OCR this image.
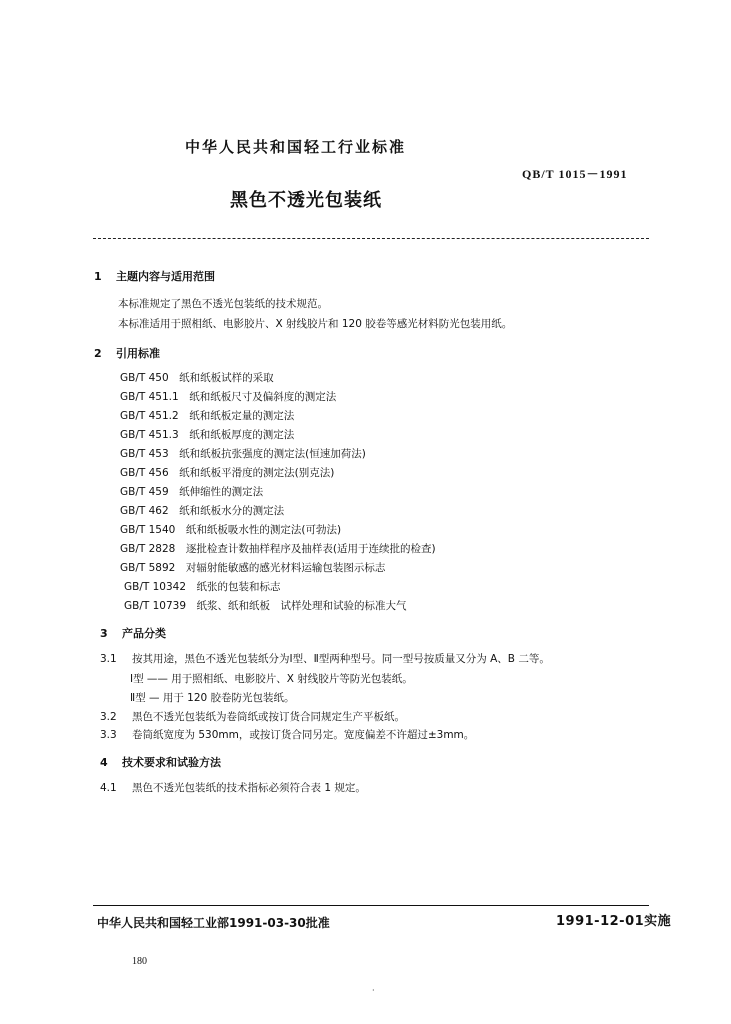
中华人民共和国轻工行业标准
QB/T 1015－1991
黑色不透光包装纸
1 主题内容与适用范围
本标准规定了黑色不透光包装纸的技术规范。
本标准适用于照相纸、电影胶片、X 射线胶片和 120 胶卷等感光材料防光包装用纸。
2 引用标准
GB/T 450　纸和纸板试样的采取
GB/T 451.1　纸和纸板尺寸及偏斜度的测定法
GB/T 451.2　纸和纸板定量的测定法
GB/T 451.3　纸和纸板厚度的测定法
GB/T 453　纸和纸板抗张强度的测定法(恒速加荷法)
GB/T 456　纸和纸板平滑度的测定法(别克法)
GB/T 459　纸伸缩性的测定法
GB/T 462　纸和纸板水分的测定法
GB/T 1540　纸和纸板吸水性的测定法(可勃法)
GB/T 2828　逐批检查计数抽样程序及抽样表(适用于连续批的检查)
GB/T 5892　对辐射能敏感的感光材料运输包装图示标志
GB/T 10342　纸张的包装和标志
GB/T 10739　纸浆、纸和纸板　试样处理和试验的标准大气
3 产品分类
3.1 按其用途，黑色不透光包装纸分为Ⅰ型、Ⅱ型两种型号。同一型号按质量又分为 A、B 二等。
Ⅰ型 —— 用于照相纸、电影胶片、X 射线胶片等防光包装纸。
Ⅱ型 — 用于 120 胶卷防光包装纸。
3.2 黑色不透光包装纸为卷筒纸或按订货合同规定生产平板纸。
3.3 卷筒纸宽度为 530mm，或按订货合同另定。宽度偏差不许超过±3mm。
4 技术要求和试验方法
4.1 黑色不透光包装纸的技术指标必须符合表 1 规定。
中华人民共和国轻工业部1991-03-30批准	1991-12-01实施
180
·
